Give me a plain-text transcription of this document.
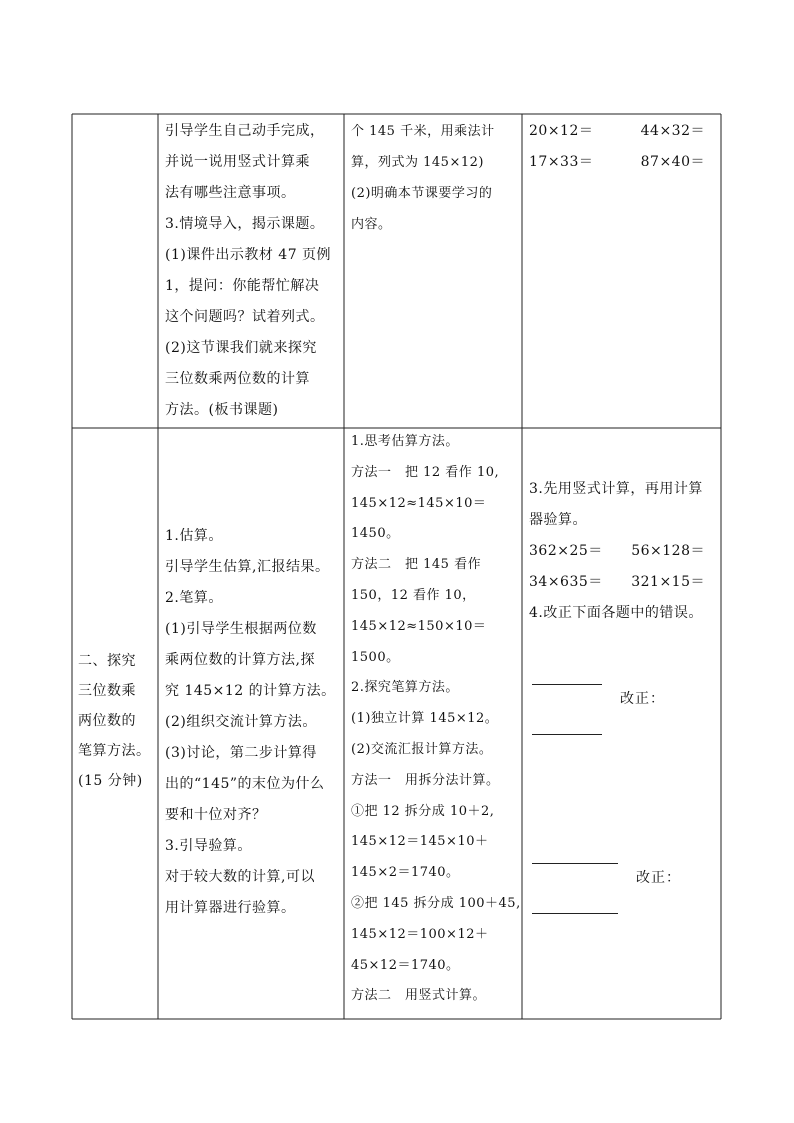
引导学生自己动手完成，

并说一说用竖式计算乘

法有哪些注意事项。

3.情境导入，揭示课题。

(1)课件出示教材 47 页例

1，提问：你能帮忙解决

这个问题吗？试着列式。

(2)这节课我们就来探究

三位数乘两位数的计算

方法。(板书课题)

个 145 千米，用乘法计

算，列式为 145×12)

(2)明确本节课要学习的

内容。

20×12＝	44×32＝
17×33＝	87×40＝

二、探究

三位数乘

两位数的

笔算方法。

(15 分钟)

1.估算。

引导学生估算,汇报结果。

2.笔算。

(1)引导学生根据两位数

乘两位数的计算方法,探

究 145×12 的计算方法。

(2)组织交流计算方法。

(3)讨论，第二步计算得

出的“145”的末位为什么

要和十位对齐？

3.引导验算。

对于较大数的计算,可以

用计算器进行验算。

1.思考估算方法。

方法一　把 12 看作 10,

145×12≈145×10＝

1450。

方法二　把 145 看作

150，12 看作 10，

145×12≈150×10＝

1500。

2.探究笔算方法。

(1)独立计算 145×12。

(2)交流汇报计算方法。

方法一　用拆分法计算。

①把 12 拆分成 10＋2,

145×12＝145×10＋

145×2＝1740。

②把 145 拆分成 100＋45,

145×12＝100×12＋

45×12＝1740。

方法二　用竖式计算。

3.先用竖式计算，再用计算

器验算。

362×25＝ 56×128＝
34×635＝ 321×15＝

4.改正下面各题中的错误。

改正：
改正：
